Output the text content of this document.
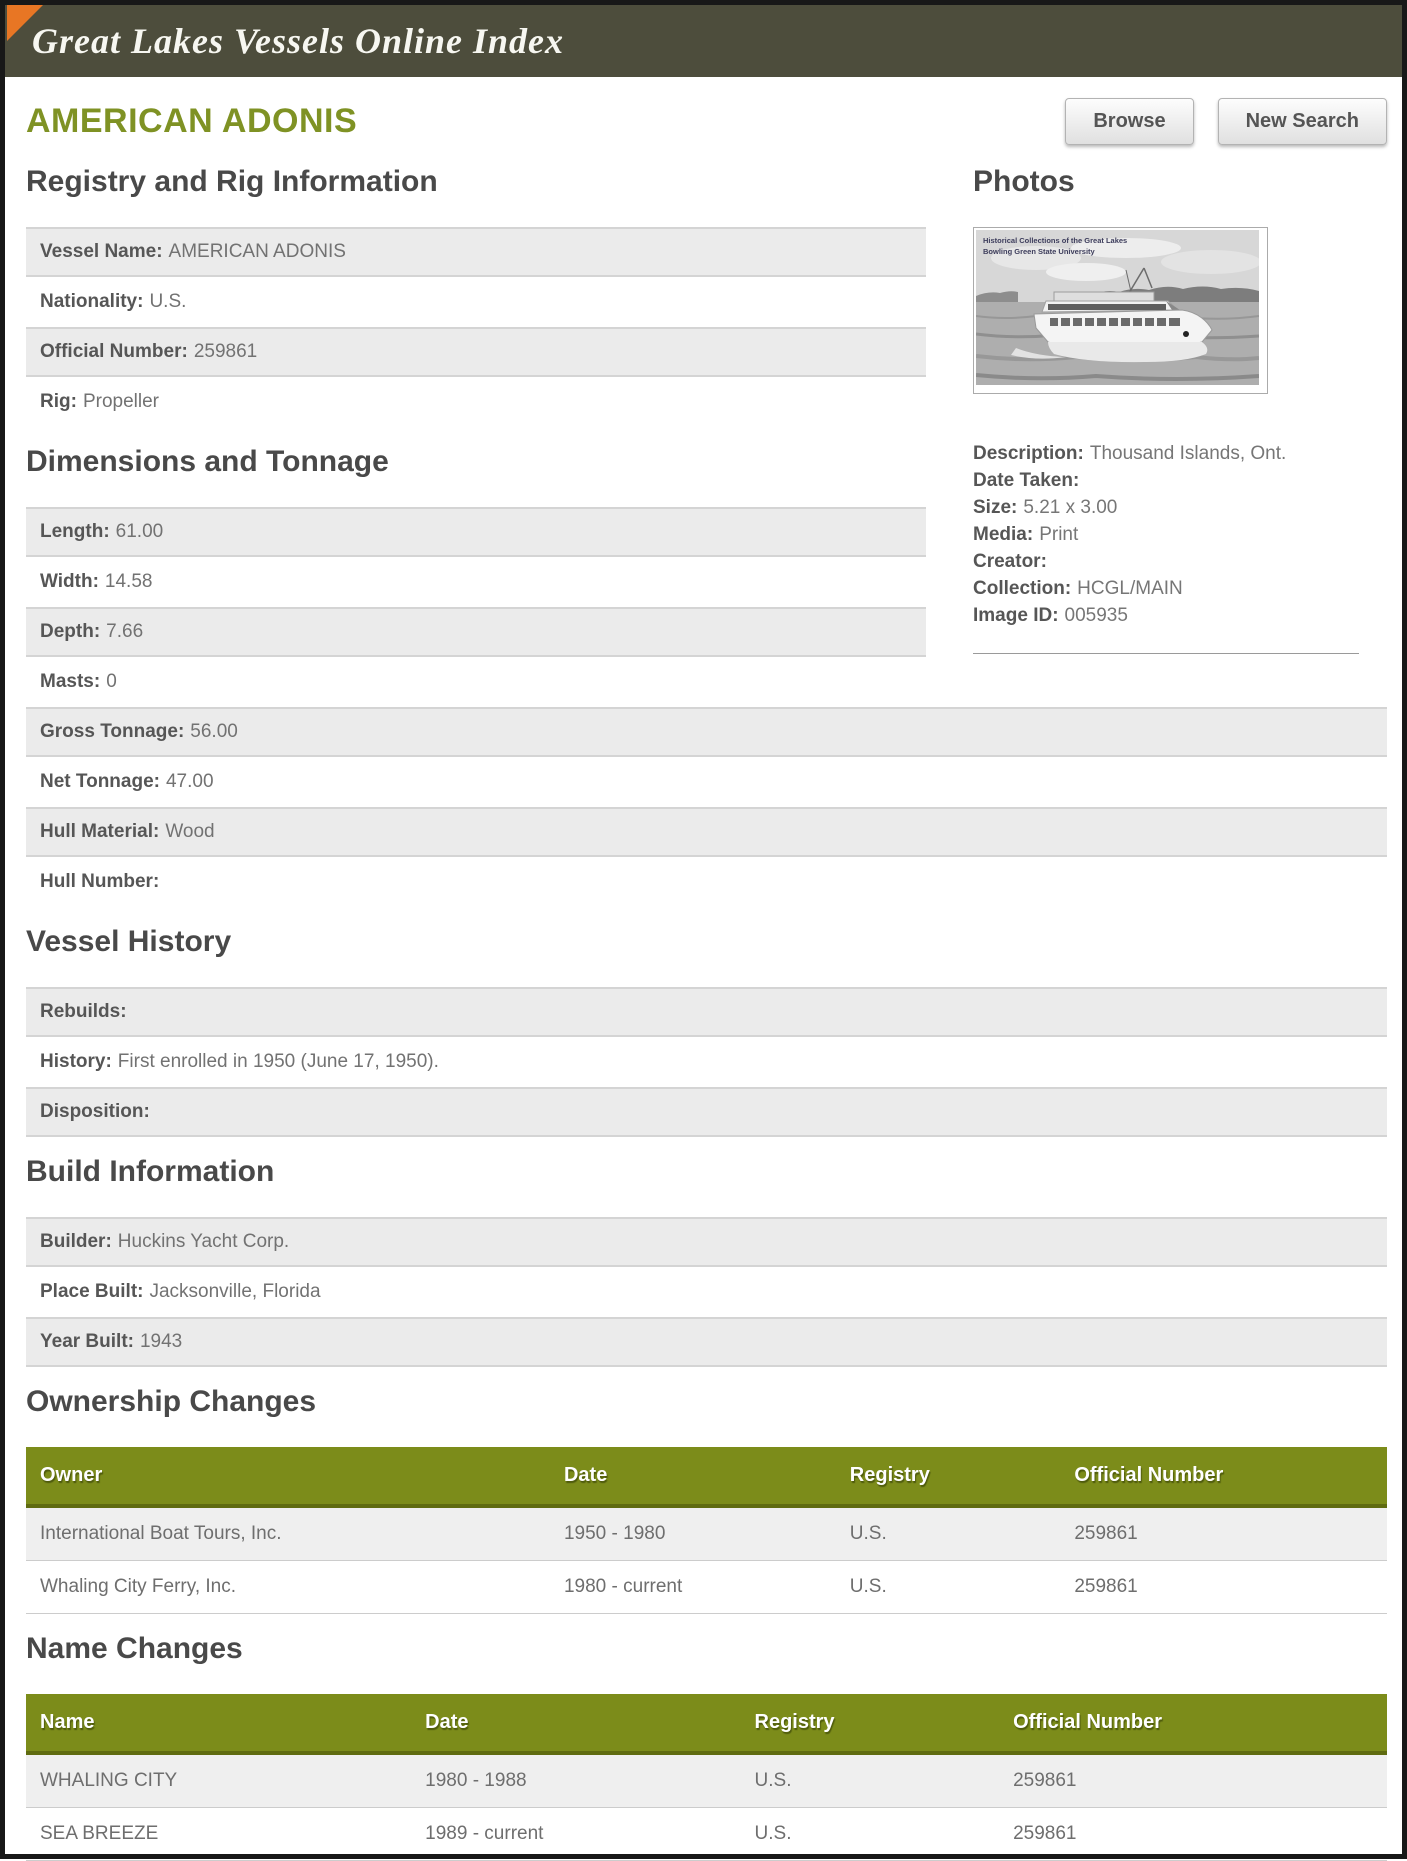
Great Lakes Vessels Online Index
AMERICAN ADONIS	Browse	New Search
Registry and Rig Information
Vessel Name: AMERICAN ADONIS
Nationality: U.S.
Official Number: 259861
Rig: Propeller
Dimensions and Tonnage
Length: 61.00
Width: 14.58
Depth: 7.66
Masts: 0
Photos
Historical Collections of the Great Lakes
Bowling Green State University
Description: Thousand Islands, Ont.
Date Taken:
Size: 5.21 x 3.00
Media: Print
Creator:
Collection: HCGL/MAIN
Image ID: 005935
Gross Tonnage: 56.00
Net Tonnage: 47.00
Hull Material: Wood
Hull Number:
Vessel History
Rebuilds:
History: First enrolled in 1950 (June 17, 1950).
Disposition:
Build Information
Builder: Huckins Yacht Corp.
Place Built: Jacksonville, Florida
Year Built: 1943
Ownership Changes
Owner	Date	Registry	Official Number
International Boat Tours, Inc.	1950 - 1980	U.S.	259861
Whaling City Ferry, Inc.	1980 - current	U.S.	259861
Name Changes
Name	Date	Registry	Official Number
WHALING CITY	1980 - 1988	U.S.	259861
SEA BREEZE	1989 - current	U.S.	259861
